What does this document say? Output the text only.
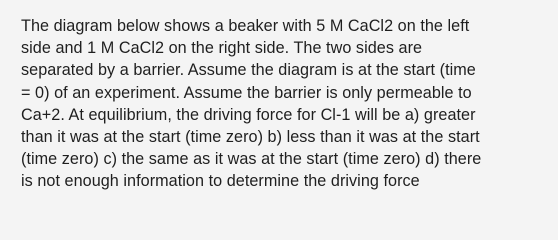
The diagram below shows a beaker with 5 M CaCl2 on the left
side and 1 M CaCl2 on the right side. The two sides are
separated by a barrier. Assume the diagram is at the start (time
= 0) of an experiment. Assume the barrier is only permeable to
Ca+2. At equilibrium, the driving force for Cl-1 will be a) greater
than it was at the start (time zero) b) less than it was at the start
(time zero) c) the same as it was at the start (time zero) d) there
is not enough information to determine the driving force
